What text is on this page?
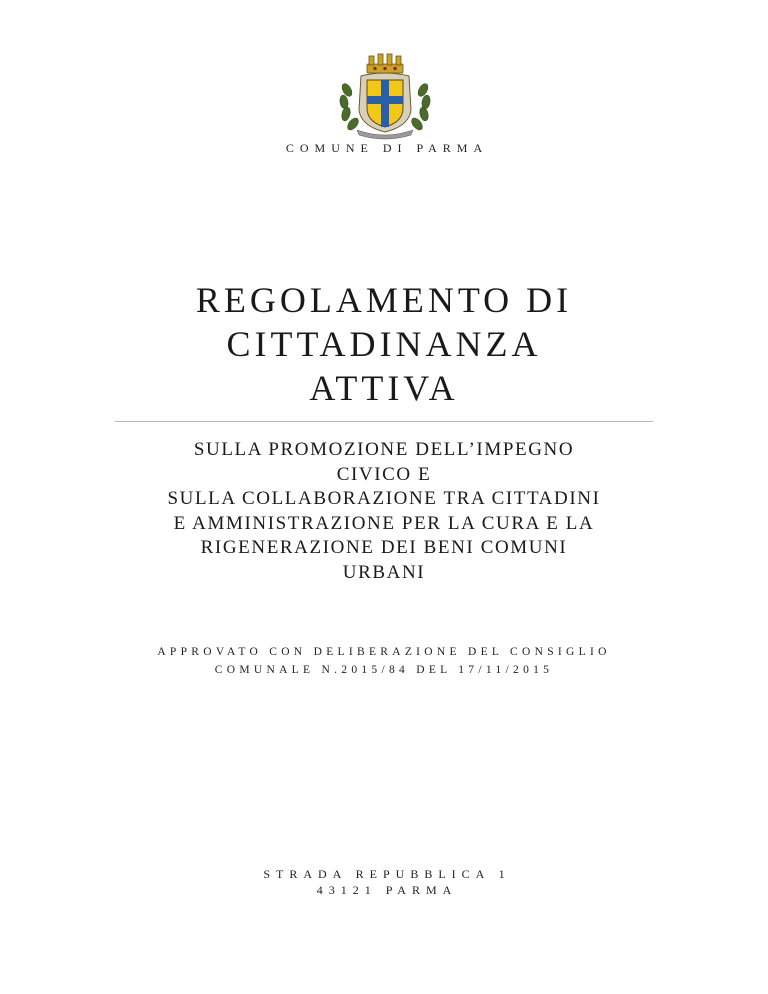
COMUNE DI PARMA
REGOLAMENTO DI
CITTADINANZA
ATTIVA
SULLA PROMOZIONE DELL’IMPEGNO
CIVICO E
SULLA COLLABORAZIONE TRA CITTADINI
E AMMINISTRAZIONE PER LA CURA E LA
RIGENERAZIONE DEI BENI COMUNI
URBANI
APPROVATO CON DELIBERAZIONE DEL CONSIGLIO
COMUNALE N.2015/84 DEL 17/11/2015
STRADA REPUBBLICA 1
43121 PARMA
